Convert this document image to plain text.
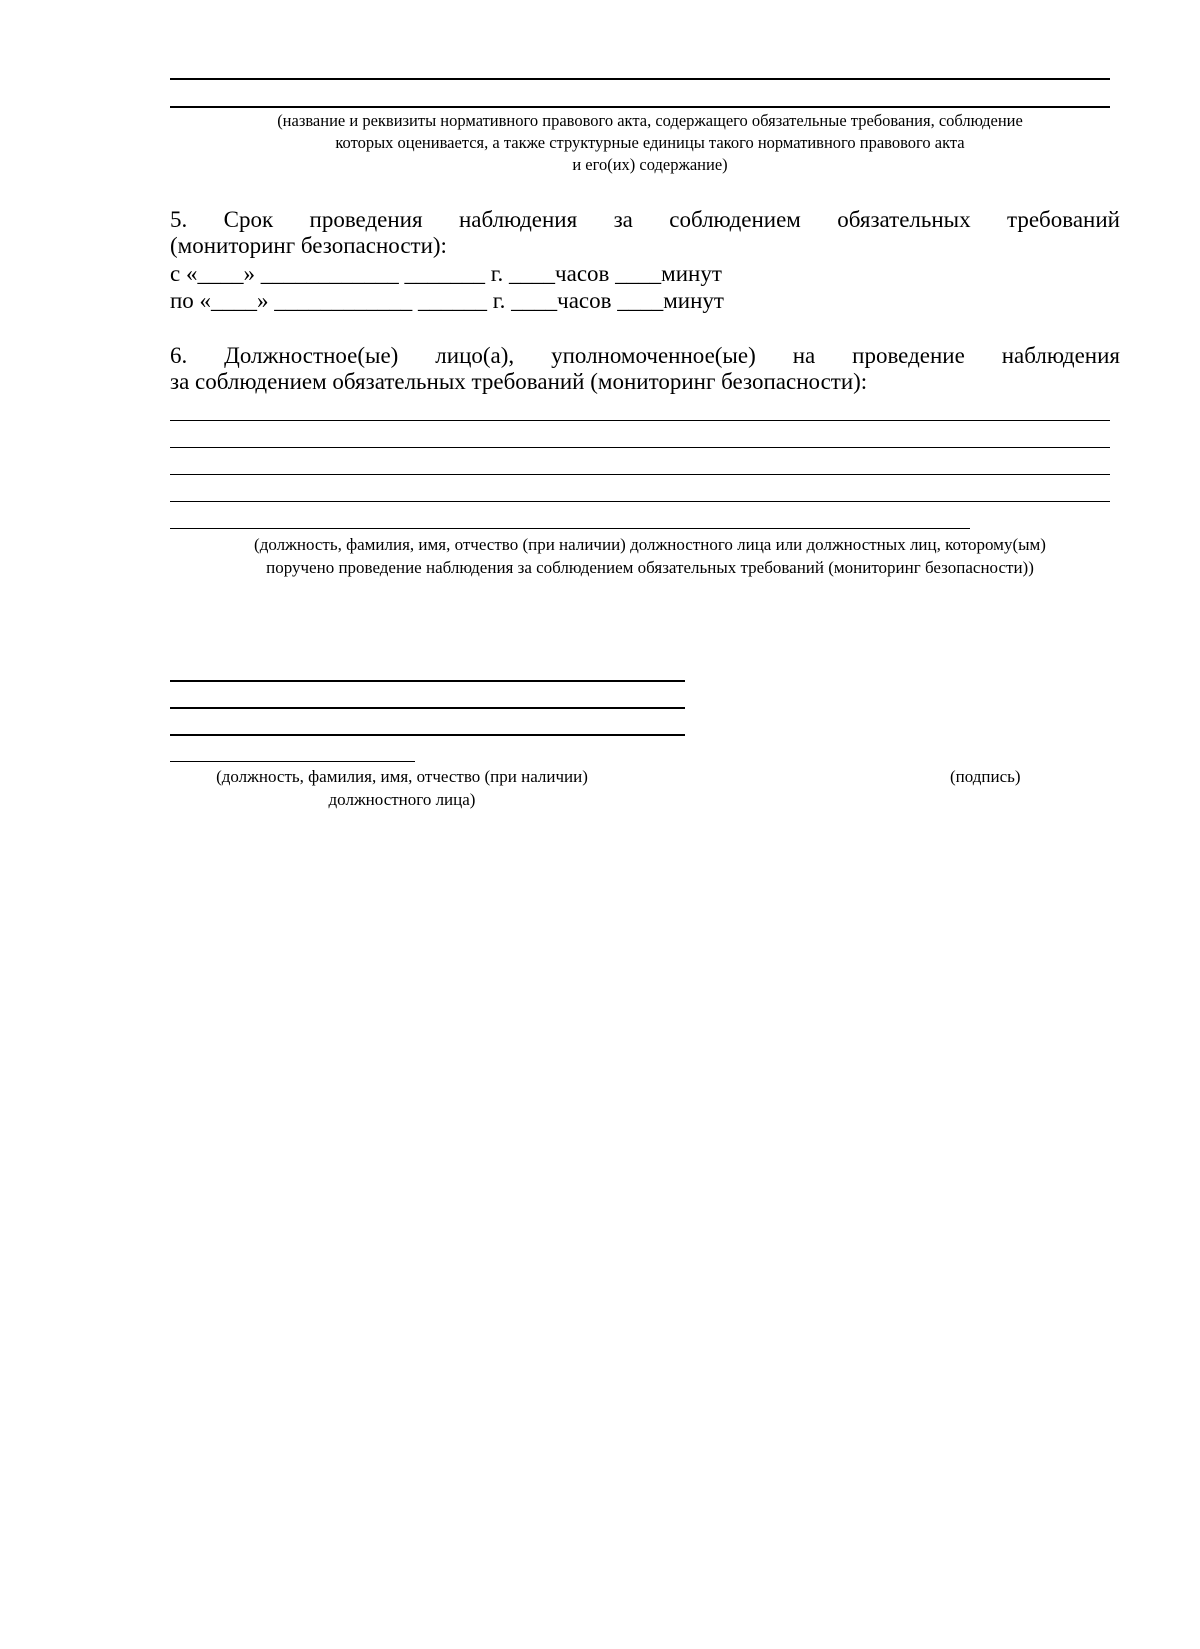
(название и реквизиты нормативного правового акта, содержащего обязательные требования, соблюдение
которых оценивается, а также структурные единицы такого нормативного правового акта
и его(их) содержание)
5. Срок проведения наблюдения за соблюдением обязательных требований
(мониторинг безопасности):
с «____» ____________ _______ г. ____часов ____минут
по «____» ____________ ______ г. ____часов ____минут
6. Должностное(ые) лицо(а), уполномоченное(ые) на проведение наблюдения
за соблюдением обязательных требований (мониторинг безопасности):
(должность, фамилия, имя, отчество (при наличии) должностного лица или должностных лиц, которому(ым)
поручено проведение наблюдения за соблюдением обязательных требований (мониторинг безопасности))
(должность, фамилия, имя, отчество (при наличии)
должностного лица)
(подпись)
